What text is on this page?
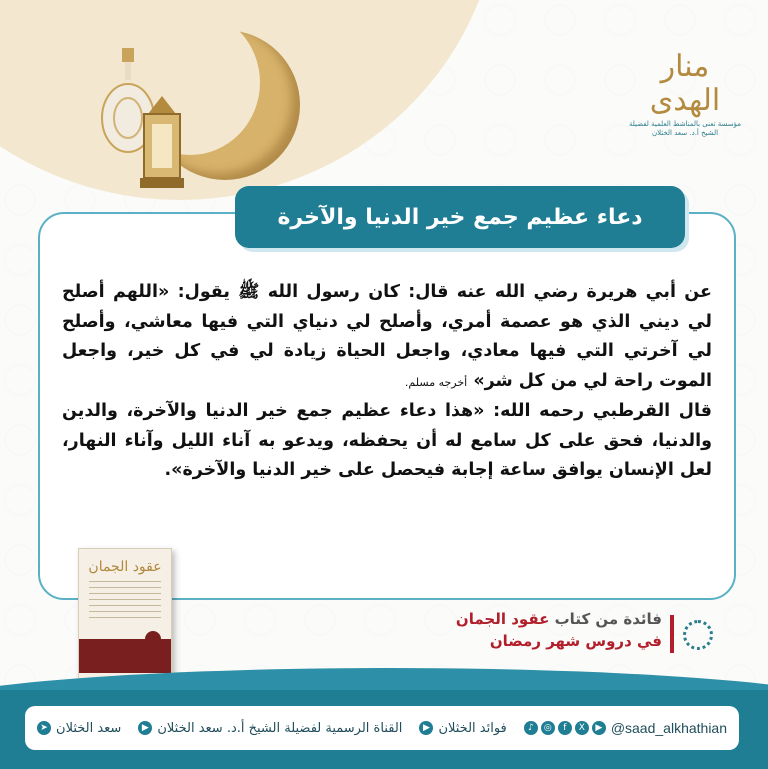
منار الهدى
مؤسسة تعنى بالمناشط العلمية لفضيلة الشيخ أ.د. سعد الخثلان
دعاء عظيم جمع خير الدنيا والآخرة

عن أبي هريرة رضي الله عنه قال: كان رسول الله ﷺ يقول: «اللهم أصلح لي ديني الذي هو عصمة أمري، وأصلح لي دنياي التي فيها معاشي، وأصلح لي آخرتي التي فيها معادي، واجعل الحياة زيادة لي في كل خير، واجعل الموت راحة لي من كل شر» أخرجه مسلم.

قال القرطبي رحمه الله: «هذا دعاء عظيم جمع خير الدنيا والآخرة، والدين والدنيا، فحق على كل سامع له أن يحفظه، ويدعو به آناء الليل وآناء النهار، لعل الإنسان يوافق ساعة إجابة فيحصل على خير الدنيا والآخرة».

عقود الجمان
فائدة من كتاب عقود الجمان
في دروس شهر رمضان
@saad_alkhathian
♪	◎	f	X	▶
فوائد الخثلان
▶
القناة الرسمية لفضيلة الشيخ أ.د. سعد الخثلان
▶
سعد الخثلان
➤
